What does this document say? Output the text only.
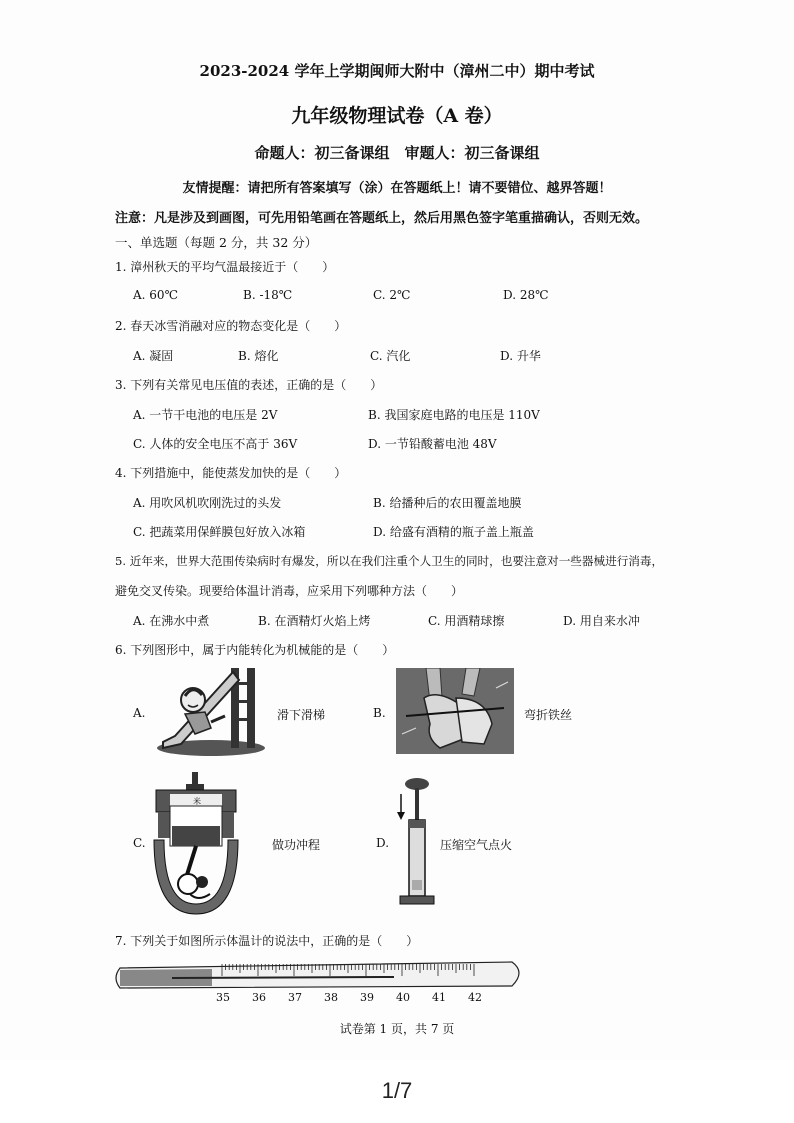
2023-2024 学年上学期闽师大附中（漳州二中）期中考试
九年级物理试卷（A 卷）
命题人：初三备课组　审题人：初三备课组
友情提醒：请把所有答案填写（涂）在答题纸上！请不要错位、越界答题！
注意：凡是涉及到画图，可先用铅笔画在答题纸上，然后用黑色签字笔重描确认，否则无效。
一、单选题（每题 2 分，共 32 分）
1. 漳州秋天的平均气温最接近于（　　）
A. 60℃	B. -18℃	C. 2℃	D. 28℃
2. 春天冰雪消融对应的物态变化是（　　）
A. 凝固	B. 熔化	C. 汽化	D. 升华
3. 下列有关常见电压值的表述，正确的是（　　）
A. 一节干电池的电压是 2V	B. 我国家庭电路的电压是 110V
C. 人体的安全电压不高于 36V	D. 一节铅酸蓄电池 48V
4. 下列措施中，能使蒸发加快的是（　　）
A. 用吹风机吹刚洗过的头发	B. 给播种后的农田覆盖地膜
C. 把蔬菜用保鲜膜包好放入冰箱	D. 给盛有酒精的瓶子盖上瓶盖
5. 近年来，世界大范围传染病时有爆发，所以在我们注重个人卫生的同时，也要注意对一些器械进行消毒，
避免交叉传染。现要给体温计消毒，应采用下列哪种方法（　　）
A. 在沸水中煮	B. 在酒精灯火焰上烤	C. 用酒精球擦	D. 用自来水冲
6. 下列图形中，属于内能转化为机械能的是（　　）
A.	滑下滑梯	B.	弯折铁丝
C.
米
做功冲程	D.	压缩空气点火
7. 下列关于如图所示体温计的说法中，正确的是（　　）
35 36 37 38 39 40 41 42
试卷第 1 页，共 7 页
1/7
